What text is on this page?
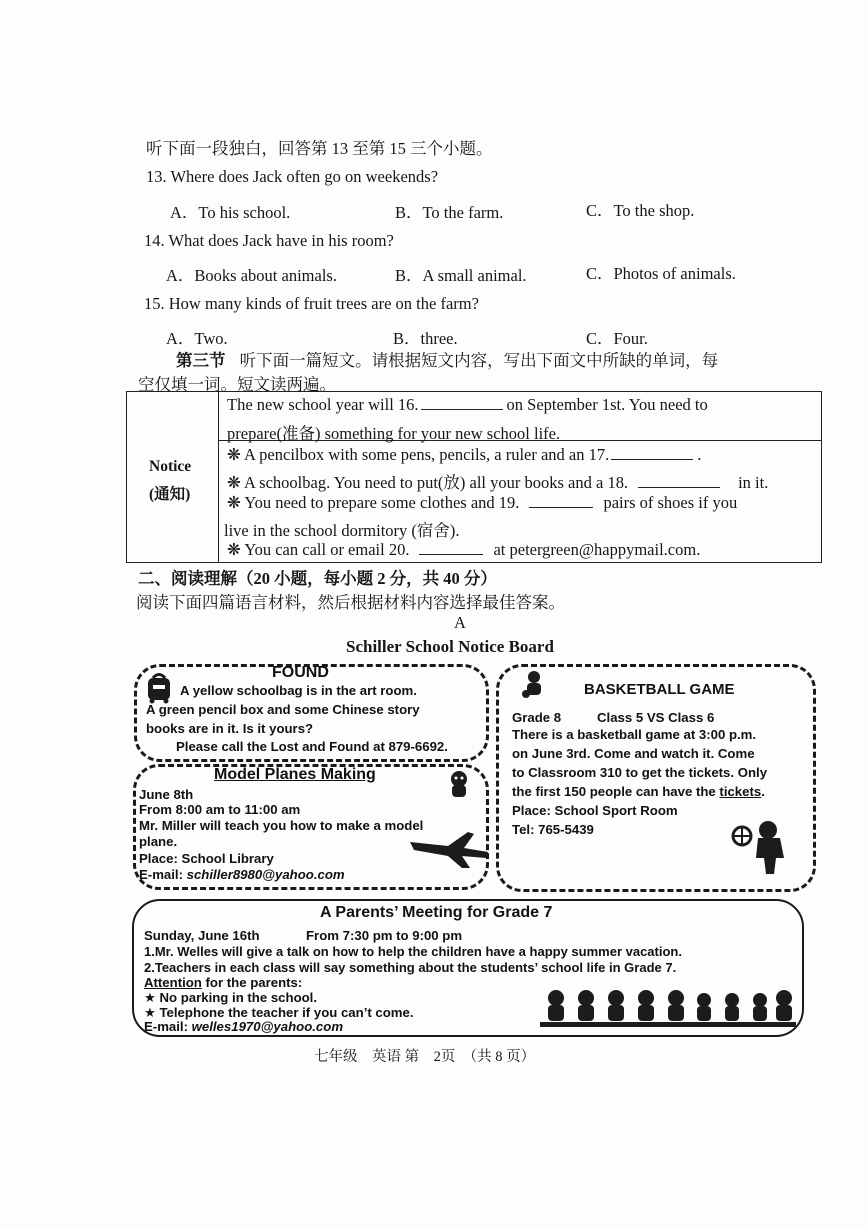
听下面一段独白，回答第 13 至第 15 三个小题。
13. Where does Jack often go on weekends?
A．To his school.	B．To the farm.	C．To the shop.
14. What does Jack have in his room?
A．Books about animals.	B．A small animal.	C．Photos of animals.
15. How many kinds of fruit trees are on the farm?
A．Two.	B．three.	C．Four.
第三节 听下面一篇短文。请根据短文内容，写出下面文中所缺的单词，每
空仅填一词。短文读两遍。
Notice
(通知)
The new school year will 16.	on September 1st. You need to
prepare(准备) something for your new school life.
❋ A pencilbox with some pens, pencils, a ruler and an 17.	.
❋ A schoolbag. You need to put(放) all your books and a 18.	in it.
❋ You need to prepare some clothes and 19.	pairs of shoes if you
live in the school dormitory (宿舍).
❋ You can call or email 20.	at petergreen@happymail.com.
二、阅读理解（20 小题，每小题 2 分，共 40 分）
阅读下面四篇语言材料，然后根据材料内容选择最佳答案。
A
Schiller School Notice Board
FOUND
A yellow schoolbag is in the art room.
A green pencil box and some Chinese story
books are in it. Is it yours?
Please call the Lost and Found at 879-6692.
Model Planes Making
June 8th
From 8:00 am to 11:00 am
Mr. Miller will teach you how to make a model
plane.
Place: School Library
E-mail: schiller8980@yahoo.com
BASKETBALL GAME
Grade 8	Class 5 VS Class 6
There is a basketball game at 3:00 p.m.
on June 3rd. Come and watch it. Come
to Classroom 310 to get the tickets. Only
the first 150 people can have the tickets.
Place: School Sport Room
Tel: 765-5439
A Parents’ Meeting for Grade 7
Sunday, June 16th	From 7:30 pm to 9:00 pm
1.Mr. Welles will give a talk on how to help the children have a happy summer vacation.
2.Teachers in each class will say something about the students’ school life in Grade 7.
Attention for the parents:
★ No parking in the school.
★ Telephone the teacher if you can’t come.
E-mail: welles1970@yahoo.com
七年级　英语 第　2页　（共 8 页）
